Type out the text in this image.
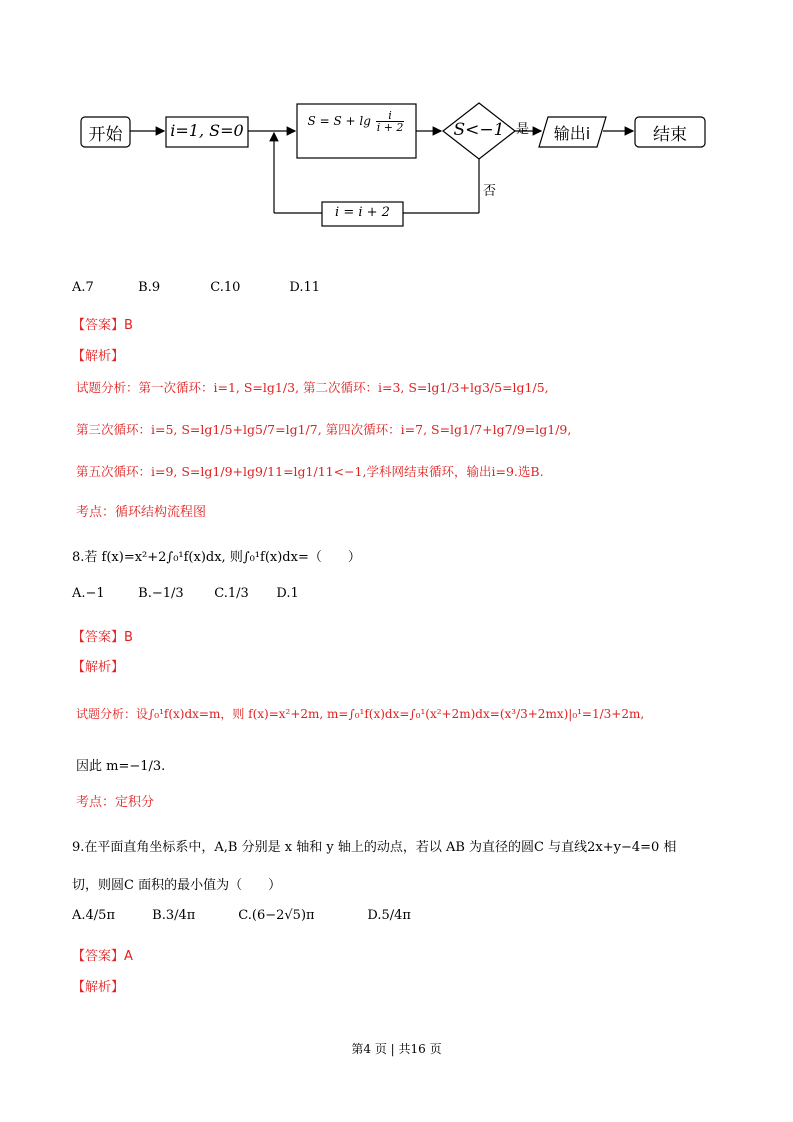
开始	i=1, S=0	$S = S + \lg \frac{i}{i + 2}$	S<−1 是
否
输出i	结束
i = i + 2
A.7	B.9	C.10	D.11
【答案】B
【解析】
试题分析：第一次循环：i=1, S=lg1/3, 第二次循环：i=3, S=lg1/3+lg3/5=lg1/5,
第三次循环：i=5, S=lg1/5+lg5/7=lg1/7, 第四次循环：i=7, S=lg1/7+lg7/9=lg1/9,
第五次循环：i=9, S=lg1/9+lg9/11=lg1/11<−1,学科网结束循环，输出i=9.选B.
考点：循环结构流程图
8.若 f(x)=x²+2∫₀¹f(x)dx, 则∫₀¹f(x)dx=（　　）
A.−1	B.−1/3 C.1/3 D.1
【答案】B
【解析】
试题分析：设∫₀¹f(x)dx=m，则 f(x)=x²+2m, m=∫₀¹f(x)dx=∫₀¹(x²+2m)dx=(x³/3+2mx)|₀¹=1/3+2m,
因此 m=−1/3.
考点：定积分
9.在平面直角坐标系中，A,B 分别是 x 轴和 y 轴上的动点，若以 AB 为直径的圆C 与直线2x+y−4=0 相
切，则圆C 面积的最小值为（　　）
A.4/5π	B.3/4π	C.(6−2√5)π	D.5/4π
【答案】A
【解析】
第4 页 | 共16 页
